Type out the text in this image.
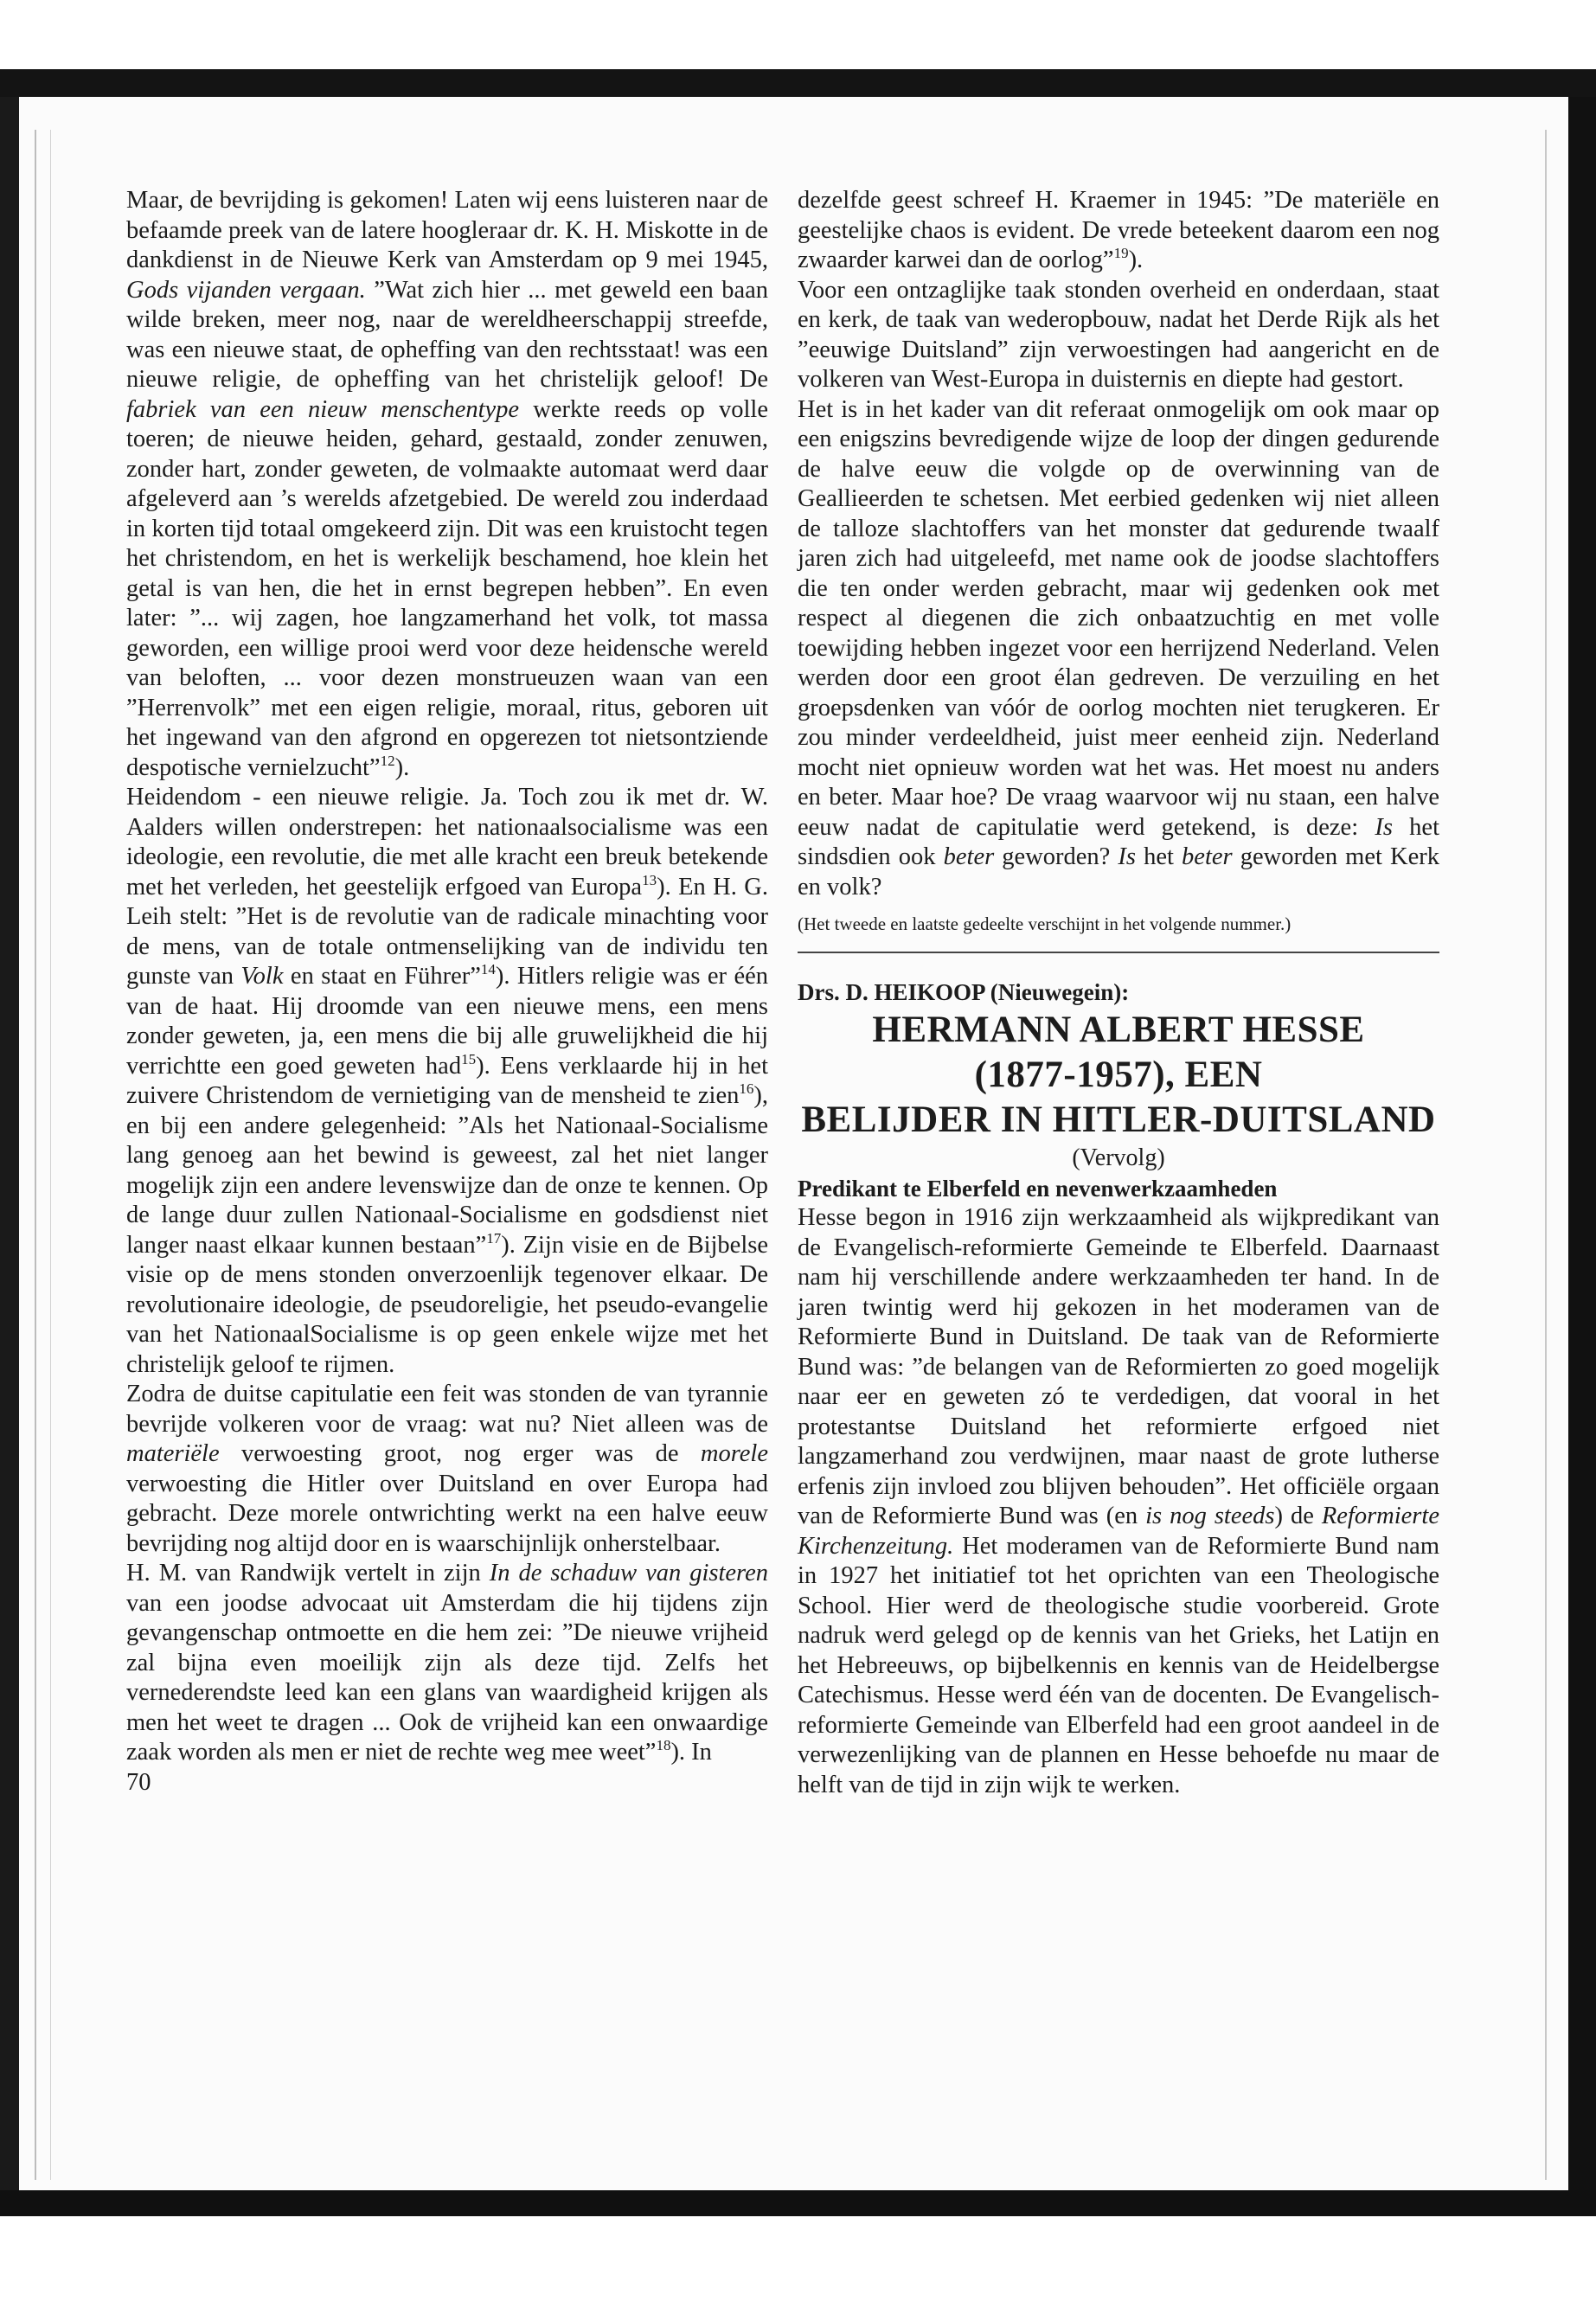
Maar, de bevrijding is gekomen! Laten wij eens luisteren naar de befaamde preek van de latere hoogleraar dr. K. H. Miskotte in de dankdienst in de Nieuwe Kerk van Amsterdam op 9 mei 1945, Gods vijanden vergaan. ”Wat zich hier ... met geweld een baan wilde breken, meer nog, naar de wereldheerschappij streefde, was een nieuwe staat, de opheffing van den rechtsstaat! was een nieuwe religie, de opheffing van het christelijk geloof! De fabriek van een nieuw menschentype werkte reeds op volle toeren; de nieuwe heiden, gehard, gestaald, zonder zenuwen, zonder hart, zonder geweten, de volmaakte automaat werd daar afgeleverd aan ’s werelds afzetgebied. De wereld zou inderdaad in korten tijd totaal omgekeerd zijn. Dit was een kruistocht tegen het christendom, en het is werkelijk beschamend, hoe klein het getal is van hen, die het in ernst begrepen hebben”. En even later: ”... wij zagen, hoe langzamerhand het volk, tot massa geworden, een willige prooi werd voor deze heidensche wereld van beloften, ... voor dezen monstrueuzen waan van een ”Herrenvolk” met een eigen religie, moraal, ritus, geboren uit het ingewand van den afgrond en opgerezen tot nietsontziende despotische vernielzucht”$^{12}$).

Heidendom - een nieuwe religie. Ja. Toch zou ik met dr. W. Aalders willen onderstrepen: het nationaalsocialisme was een ideologie, een revolutie, die met alle kracht een breuk betekende met het verleden, het geestelijk erfgoed van Europa$^{13}$). En H. G. Leih stelt: ”Het is de revolutie van de radicale minachting voor de mens, van de totale ontmenselijking van de individu ten gunste van Volk en staat en Führer”$^{14}$). Hitlers religie was er één van de haat. Hij droomde van een nieuwe mens, een mens zonder geweten, ja, een mens die bij alle gruwelijkheid die hij verrichtte een goed geweten had$^{15}$). Eens verklaarde hij in het zuivere Christendom de vernietiging van de mensheid te zien$^{16}$), en bij een andere gelegenheid: ”Als het Nationaal-Socialisme lang genoeg aan het bewind is geweest, zal het niet langer mogelijk zijn een andere levenswijze dan de onze te kennen. Op de lange duur zullen Nationaal-Socialisme en godsdienst niet langer naast elkaar kunnen bestaan”$^{17}$). Zijn visie en de Bijbelse visie op de mens stonden onverzoenlijk tegenover elkaar. De revolutionaire ideologie, de pseudoreligie, het pseudo-evangelie van het NationaalSocialisme is op geen enkele wijze met het christelijk geloof te rijmen.

Zodra de duitse capitulatie een feit was stonden de van tyrannie bevrijde volkeren voor de vraag: wat nu? Niet alleen was de materiële verwoesting groot, nog erger was de morele verwoesting die Hitler over Duitsland en over Europa had gebracht. Deze morele ontwrichting werkt na een halve eeuw bevrijding nog altijd door en is waarschijnlijk onherstelbaar.

H. M. van Randwijk vertelt in zijn In de schaduw van gisteren van een joodse advocaat uit Amsterdam die hij tijdens zijn gevangenschap ontmoette en die hem zei: ”De nieuwe vrijheid zal bijna even moeilijk zijn als deze tijd. Zelfs het vernederendste leed kan een glans van waardigheid krijgen als men het weet te dragen ... Ook de vrijheid kan een onwaardige zaak worden als men er niet de rechte weg mee weet”$^{18}$). In

70

dezelfde geest schreef H. Kraemer in 1945: ”De materiële en geestelijke chaos is evident. De vrede beteekent daarom een nog zwaarder karwei dan de oorlog”$^{19}$).

Voor een ontzaglijke taak stonden overheid en onderdaan, staat en kerk, de taak van wederopbouw, nadat het Derde Rijk als het ”eeuwige Duitsland” zijn verwoestingen had aangericht en de volkeren van West-Europa in duisternis en diepte had gestort.

Het is in het kader van dit referaat onmogelijk om ook maar op een enigszins bevredigende wijze de loop der dingen gedurende de halve eeuw die volgde op de overwinning van de Geallieerden te schetsen. Met eerbied gedenken wij niet alleen de talloze slachtoffers van het monster dat gedurende twaalf jaren zich had uitgeleefd, met name ook de joodse slachtoffers die ten onder werden gebracht, maar wij gedenken ook met respect al diegenen die zich onbaatzuchtig en met volle toewijding hebben ingezet voor een herrijzend Nederland. Velen werden door een groot élan gedreven. De verzuiling en het groepsdenken van vóór de oorlog mochten niet terugkeren. Er zou minder verdeeldheid, juist meer eenheid zijn. Nederland mocht niet opnieuw worden wat het was. Het moest nu anders en beter. Maar hoe? De vraag waarvoor wij nu staan, een halve eeuw nadat de capitulatie werd getekend, is deze: Is het sindsdien ook beter geworden? Is het beter geworden met Kerk en volk?

(Het tweede en laatste gedeelte verschijnt in het volgende nummer.)

Drs. D. HEIKOOP (Nieuwegein):

HERMANN ALBERT HESSE

(1877-1957), EEN

BELIJDER IN HITLER-DUITSLAND

(Vervolg)

Predikant te Elberfeld en nevenwerkzaamheden

Hesse begon in 1916 zijn werkzaamheid als wijkpredikant van de Evangelisch-reformierte Gemeinde te Elberfeld. Daarnaast nam hij verschillende andere werkzaamheden ter hand. In de jaren twintig werd hij gekozen in het moderamen van de Reformierte Bund in Duitsland. De taak van de Reformierte Bund was: ”de belangen van de Reformierten zo goed mogelijk naar eer en geweten zó te verdedigen, dat vooral in het protestantse Duitsland het reformierte erfgoed niet langzamerhand zou verdwijnen, maar naast de grote lutherse erfenis zijn invloed zou blijven behouden”. Het officiële orgaan van de Reformierte Bund was (en is nog steeds) de Reformierte Kirchenzeitung. Het moderamen van de Reformierte Bund nam in 1927 het initiatief tot het oprichten van een Theologische School. Hier werd de theologische studie voorbereid. Grote nadruk werd gelegd op de kennis van het Grieks, het Latijn en het Hebreeuws, op bijbelkennis en kennis van de Heidelbergse Catechismus. Hesse werd één van de docenten. De Evangelisch-reformierte Gemeinde van Elberfeld had een groot aandeel in de verwezenlijking van de plannen en Hesse behoefde nu maar de helft van de tijd in zijn wijk te werken.
